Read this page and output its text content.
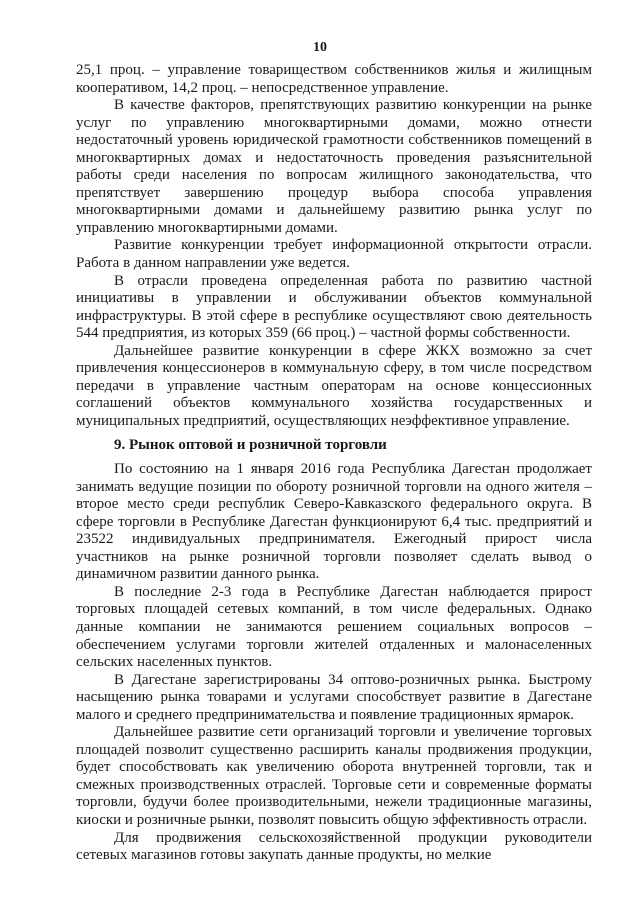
10

25,1 проц. – управление товариществом собственников жилья и жилищным кооперативом, 14,2 проц. – непосредственное управление.

В качестве факторов, препятствующих развитию конкуренции на рынке услуг по управлению многоквартирными домами, можно отнести недостаточный уровень юридической грамотности собственников помещений в многоквартирных домах и недостаточность проведения разъяснительной работы среди населения по вопросам жилищного законодательства, что препятствует завершению процедур выбора способа управления многоквартирными домами и дальнейшему развитию рынка услуг по управлению многоквартирными домами.

Развитие конкуренции требует информационной открытости отрасли. Работа в данном направлении уже ведется.

В отрасли проведена определенная работа по развитию частной инициативы в управлении и обслуживании объектов коммунальной инфраструктуры. В этой сфере в республике осуществляют свою деятельность 544 предприятия, из которых 359 (66 проц.) – частной формы собственности.

Дальнейшее развитие конкуренции в сфере ЖКХ возможно за счет привлечения концессионеров в коммунальную сферу, в том числе посредством передачи в управление частным операторам на основе концессионных соглашений объектов коммунального хозяйства государственных и муниципальных предприятий, осуществляющих неэффективное управление.

9. Рынок оптовой и розничной торговли

По состоянию на 1 января 2016 года Республика Дагестан продолжает занимать ведущие позиции по обороту розничной торговли на одного жителя – второе место среди республик Северо-Кавказского федерального округа. В сфере торговли в Республике Дагестан функционируют 6,4 тыс. предприятий и 23522 индивидуальных предпринимателя. Ежегодный прирост числа участников на рынке розничной торговли позволяет сделать вывод о динамичном развитии данного рынка.

В последние 2-3 года в Республике Дагестан наблюдается прирост торговых площадей сетевых компаний, в том числе федеральных. Однако данные компании не занимаются решением социальных вопросов – обеспечением услугами торговли жителей отдаленных и малонаселенных сельских населенных пунктов.

В Дагестане зарегистрированы 34 оптово-розничных рынка. Быстрому насыщению рынка товарами и услугами способствует развитие в Дагестане малого и среднего предпринимательства и появление традиционных ярмарок.

Дальнейшее развитие сети организаций торговли и увеличение торговых площадей позволит существенно расширить каналы продвижения продукции, будет способствовать как увеличению оборота внутренней торговли, так и смежных производственных отраслей. Торговые сети и современные форматы торговли, будучи более производительными, нежели традиционные магазины, киоски и розничные рынки, позволят повысить общую эффективность отрасли.

Для продвижения сельскохозяйственной продукции руководители сетевых магазинов готовы закупать данные продукты, но мелкие
